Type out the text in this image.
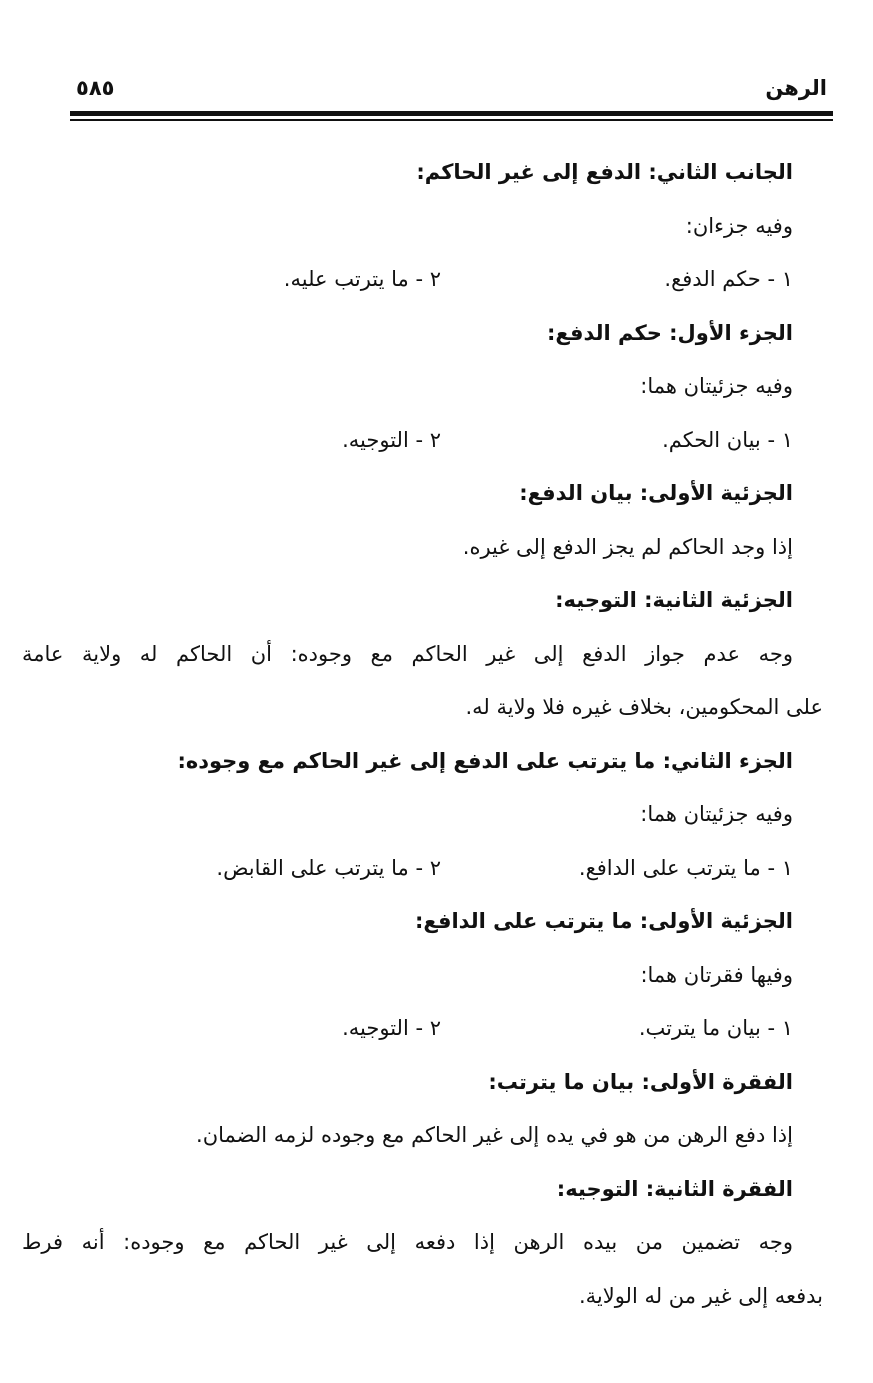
الرهن
٥٨٥
الجانب الثاني: الدفع إلى غير الحاكم:
وفيه جزءان:
١ - حكم الدفع.
٢ - ما يترتب عليه.
الجزء الأول: حكم الدفع:
وفيه جزئيتان هما:
١ - بيان الحكم.
٢ - التوجيه.
الجزئية الأولى: بيان الدفع:
إذا وجد الحاكم لم يجز الدفع إلى غيره.
الجزئية الثانية: التوجيه:
وجه عدم جواز الدفع إلى غير الحاكم مع وجوده: أن الحاكم له ولاية عامة
على المحكومين، بخلاف غيره فلا ولاية له.
الجزء الثاني: ما يترتب على الدفع إلى غير الحاكم مع وجوده:
وفيه جزئيتان هما:
١ - ما يترتب على الدافع.
٢ - ما يترتب على القابض.
الجزئية الأولى: ما يترتب على الدافع:
وفيها فقرتان هما:
١ - بيان ما يترتب.
٢ - التوجيه.
الفقرة الأولى: بيان ما يترتب:
إذا دفع الرهن من هو في يده إلى غير الحاكم مع وجوده لزمه الضمان.
الفقرة الثانية: التوجيه:
وجه تضمين من بيده الرهن إذا دفعه إلى غير الحاكم مع وجوده: أنه فرط
بدفعه إلى غير من له الولاية.
